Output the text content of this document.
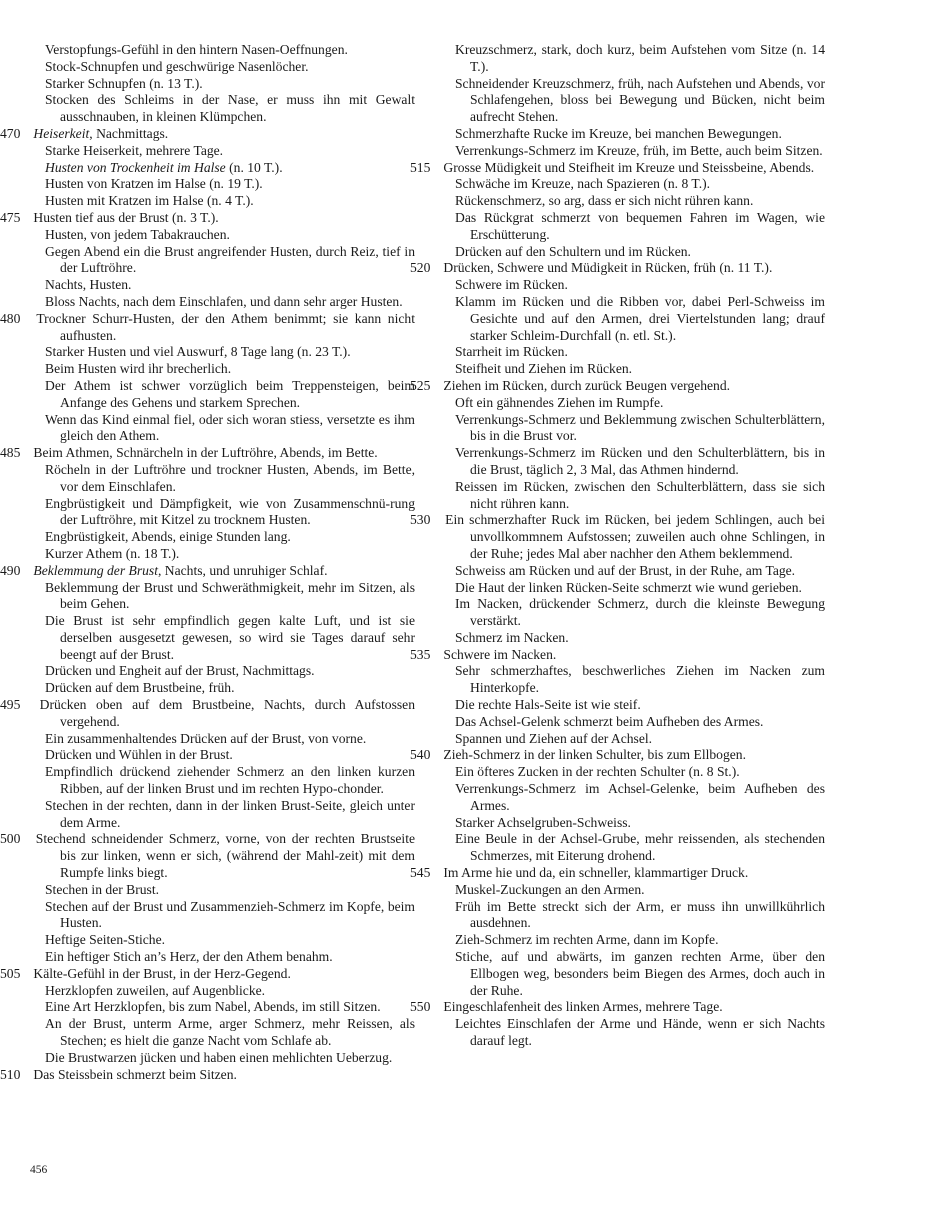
Verstopfungs-Gefühl in den hintern Nasen-Oeffnungen.

Stock-Schnupfen und geschwürige Nasenlöcher.

Starker Schnupfen (n. 13 T.).

Stocken des Schleims in der Nase, er muss ihn mit Gewalt ausschnauben, in kleinen Klümpchen.

470 Heiserkeit, Nachmittags.

Starke Heiserkeit, mehrere Tage.

Husten von Trockenheit im Halse (n. 10 T.).

Husten von Kratzen im Halse (n. 19 T.).

Husten mit Kratzen im Halse (n. 4 T.).

475 Husten tief aus der Brust (n. 3 T.).

Husten, von jedem Tabakrauchen.

Gegen Abend ein die Brust angreifender Husten, durch Reiz, tief in der Luftröhre.

Nachts, Husten.

Bloss Nachts, nach dem Einschlafen, und dann sehr arger Husten.

480 Trockner Schurr-Husten, der den Athem benimmt; sie kann nicht aufhusten.

Starker Husten und viel Auswurf, 8 Tage lang (n. 23 T.).

Beim Husten wird ihr brecherlich.

Der Athem ist schwer vorzüglich beim Treppensteigen, beim Anfange des Gehens und starkem Sprechen.

Wenn das Kind einmal fiel, oder sich woran stiess, versetzte es ihm gleich den Athem.

485 Beim Athmen, Schnärcheln in der Luftröhre, Abends, im Bette.

Röcheln in der Luftröhre und trockner Husten, Abends, im Bette, vor dem Einschlafen.

Engbrüstigkeit und Dämpfigkeit, wie von Zusammenschnü-rung der Luftröhre, mit Kitzel zu trocknem Husten.

Engbrüstigkeit, Abends, einige Stunden lang.

Kurzer Athem (n. 18 T.).

490 Beklemmung der Brust, Nachts, und unruhiger Schlaf.

Beklemmung der Brust und Schweräthmigkeit, mehr im Sitzen, als beim Gehen.

Die Brust ist sehr empfindlich gegen kalte Luft, und ist sie derselben ausgesetzt gewesen, so wird sie Tages darauf sehr beengt auf der Brust.

Drücken und Engheit auf der Brust, Nachmittags.

Drücken auf dem Brustbeine, früh.

495 Drücken oben auf dem Brustbeine, Nachts, durch Aufstossen vergehend.

Ein zusammenhaltendes Drücken auf der Brust, von vorne.

Drücken und Wühlen in der Brust.

Empfindlich drückend ziehender Schmerz an den linken kurzen Ribben, auf der linken Brust und im rechten Hypo-chonder.

Stechen in der rechten, dann in der linken Brust-Seite, gleich unter dem Arme.

500 Stechend schneidender Schmerz, vorne, von der rechten Brustseite bis zur linken, wenn er sich, (während der Mahl-zeit) mit dem Rumpfe links biegt.

Stechen in der Brust.

Stechen auf der Brust und Zusammenzieh-Schmerz im Kopfe, beim Husten.

Heftige Seiten-Stiche.

Ein heftiger Stich an’s Herz, der den Athem benahm.

505 Kälte-Gefühl in der Brust, in der Herz-Gegend.

Herzklopfen zuweilen, auf Augenblicke.

Eine Art Herzklopfen, bis zum Nabel, Abends, im still Sitzen.

An der Brust, unterm Arme, arger Schmerz, mehr Reissen, als Stechen; es hielt die ganze Nacht vom Schlafe ab.

Die Brustwarzen jücken und haben einen mehlichten Ueberzug.

510 Das Steissbein schmerzt beim Sitzen.

Kreuzschmerz, stark, doch kurz, beim Aufstehen vom Sitze (n. 14 T.).

Schneidender Kreuzschmerz, früh, nach Aufstehen und Abends, vor Schlafengehen, bloss bei Bewegung und Bücken, nicht beim aufrecht Stehen.

Schmerzhafte Rucke im Kreuze, bei manchen Bewegungen.

Verrenkungs-Schmerz im Kreuze, früh, im Bette, auch beim Sitzen.

515 Grosse Müdigkeit und Steifheit im Kreuze und Steissbeine, Abends.

Schwäche im Kreuze, nach Spazieren (n. 8 T.).

Rückenschmerz, so arg, dass er sich nicht rühren kann.

Das Rückgrat schmerzt von bequemen Fahren im Wagen, wie Erschütterung.

Drücken auf den Schultern und im Rücken.

520 Drücken, Schwere und Müdigkeit in Rücken, früh (n. 11 T.).

Schwere im Rücken.

Klamm im Rücken und die Ribben vor, dabei Perl-Schweiss im Gesichte und auf den Armen, drei Viertelstunden lang; drauf starker Schleim-Durchfall (n. etl. St.).

Starrheit im Rücken.

Steifheit und Ziehen im Rücken.

525 Ziehen im Rücken, durch zurück Beugen vergehend.

Oft ein gähnendes Ziehen im Rumpfe.

Verrenkungs-Schmerz und Beklemmung zwischen Schulterblättern, bis in die Brust vor.

Verrenkungs-Schmerz im Rücken und den Schulterblättern, bis in die Brust, täglich 2, 3 Mal, das Athmen hindernd.

Reissen im Rücken, zwischen den Schulterblättern, dass sie sich nicht rühren kann.

530 Ein schmerzhafter Ruck im Rücken, bei jedem Schlingen, auch bei unvollkommnem Aufstossen; zuweilen auch ohne Schlingen, in der Ruhe; jedes Mal aber nachher den Athem beklemmend.

Schweiss am Rücken und auf der Brust, in der Ruhe, am Tage.

Die Haut der linken Rücken-Seite schmerzt wie wund gerieben.

Im Nacken, drückender Schmerz, durch die kleinste Bewegung verstärkt.

Schmerz im Nacken.

535 Schwere im Nacken.

Sehr schmerzhaftes, beschwerliches Ziehen im Nacken zum Hinterkopfe.

Die rechte Hals-Seite ist wie steif.

Das Achsel-Gelenk schmerzt beim Aufheben des Armes.

Spannen und Ziehen auf der Achsel.

540 Zieh-Schmerz in der linken Schulter, bis zum Ellbogen.

Ein öfteres Zucken in der rechten Schulter (n. 8 St.).

Verrenkungs-Schmerz im Achsel-Gelenke, beim Aufheben des Armes.

Starker Achselgruben-Schweiss.

Eine Beule in der Achsel-Grube, mehr reissenden, als stechenden Schmerzes, mit Eiterung drohend.

545 Im Arme hie und da, ein schneller, klammartiger Druck.

Muskel-Zuckungen an den Armen.

Früh im Bette streckt sich der Arm, er muss ihn unwillkührlich ausdehnen.

Zieh-Schmerz im rechten Arme, dann im Kopfe.

Stiche, auf und abwärts, im ganzen rechten Arme, über den Ellbogen weg, besonders beim Biegen des Armes, doch auch in der Ruhe.

550 Eingeschlafenheit des linken Armes, mehrere Tage.

Leichtes Einschlafen der Arme und Hände, wenn er sich Nachts darauf legt.

456
